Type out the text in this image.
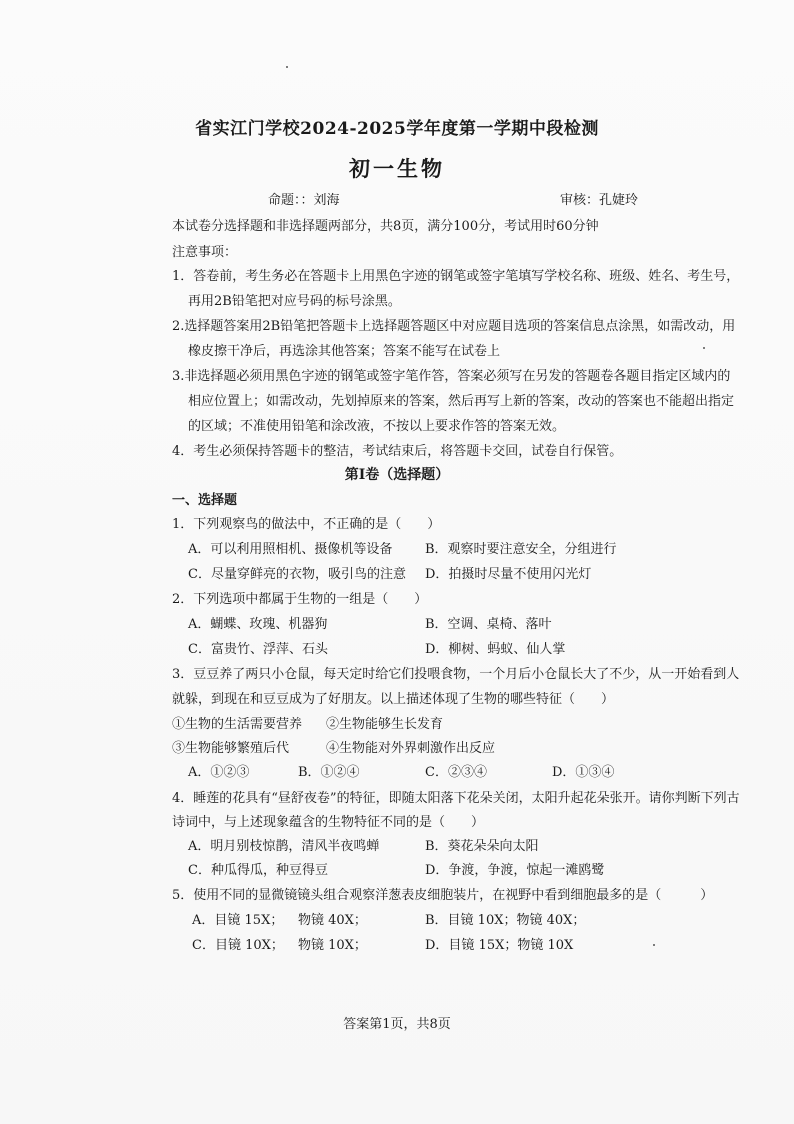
省实江门学校2024-2025学年度第一学期中段检测
初一生物
命题：：刘海	审核：孔婕玲
本试卷分选择题和非选择题两部分，共8页，满分100分，考试用时60分钟
注意事项：
1．答卷前，考生务必在答题卡上用黑色字迹的钢笔或签字笔填写学校名称、班级、姓名、考生号，
再用2B铅笔把对应号码的标号涂黑。
2.选择题答案用2B铅笔把答题卡上选择题答题区中对应题目选项的答案信息点涂黑，如需改动，用
橡皮擦干净后，再选涂其他答案；答案不能写在试卷上
3.非选择题必须用黑色字迹的钢笔或签字笔作答，答案必须写在另发的答题卷各题目指定区域内的
相应位置上；如需改动，先划掉原来的答案，然后再写上新的答案，改动的答案也不能超出指定
的区域；不准使用铅笔和涂改液，不按以上要求作答的答案无效。
4．考生必须保持答题卡的整洁，考试结束后，将答题卡交回，试卷自行保管。
第Ⅰ卷（选择题）
一、选择题
1．下列观察鸟的做法中，不正确的是（　　）
A．可以利用照相机、摄像机等设备	B．观察时要注意安全，分组进行
C．尽量穿鲜亮的衣物，吸引鸟的注意 D．拍摄时尽量不使用闪光灯
2．下列选项中都属于生物的一组是（　　）
A．蝴蝶、玫瑰、机器狗	B．空调、桌椅、落叶
C．富贵竹、浮萍、石头	D．柳树、蚂蚁、仙人掌
3．豆豆养了两只小仓鼠，每天定时给它们投喂食物，一个月后小仓鼠长大了不少，从一开始看到人
就躲，到现在和豆豆成为了好朋友。以上描述体现了生物的哪些特征（　　）
①生物的生活需要营养 ②生物能够生长发育
③生物能够繁殖后代	④生物能对外界刺激作出反应
A．①②③	B．①②④	C．②③④	D．①③④
4．睡莲的花具有“昼舒夜卷”的特征，即随太阳落下花朵关闭，太阳升起花朵张开。请你判断下列古
诗词中，与上述现象蕴含的生物特征不同的是（　　）
A．明月别枝惊鹊，清风半夜鸣蝉	B．葵花朵朵向太阳
C．种瓜得瓜，种豆得豆	D．争渡，争渡，惊起一滩鸥鹭
5．使用不同的显微镜镜头组合观察洋葱表皮细胞装片，在视野中看到细胞最多的是（　　　）
A．目镜 15X； 物镜 40X；	B．目镜 10X；物镜 40X；
C．目镜 10X； 物镜 10X；	D．目镜 15X；物镜 10X
答案第1页，共8页
